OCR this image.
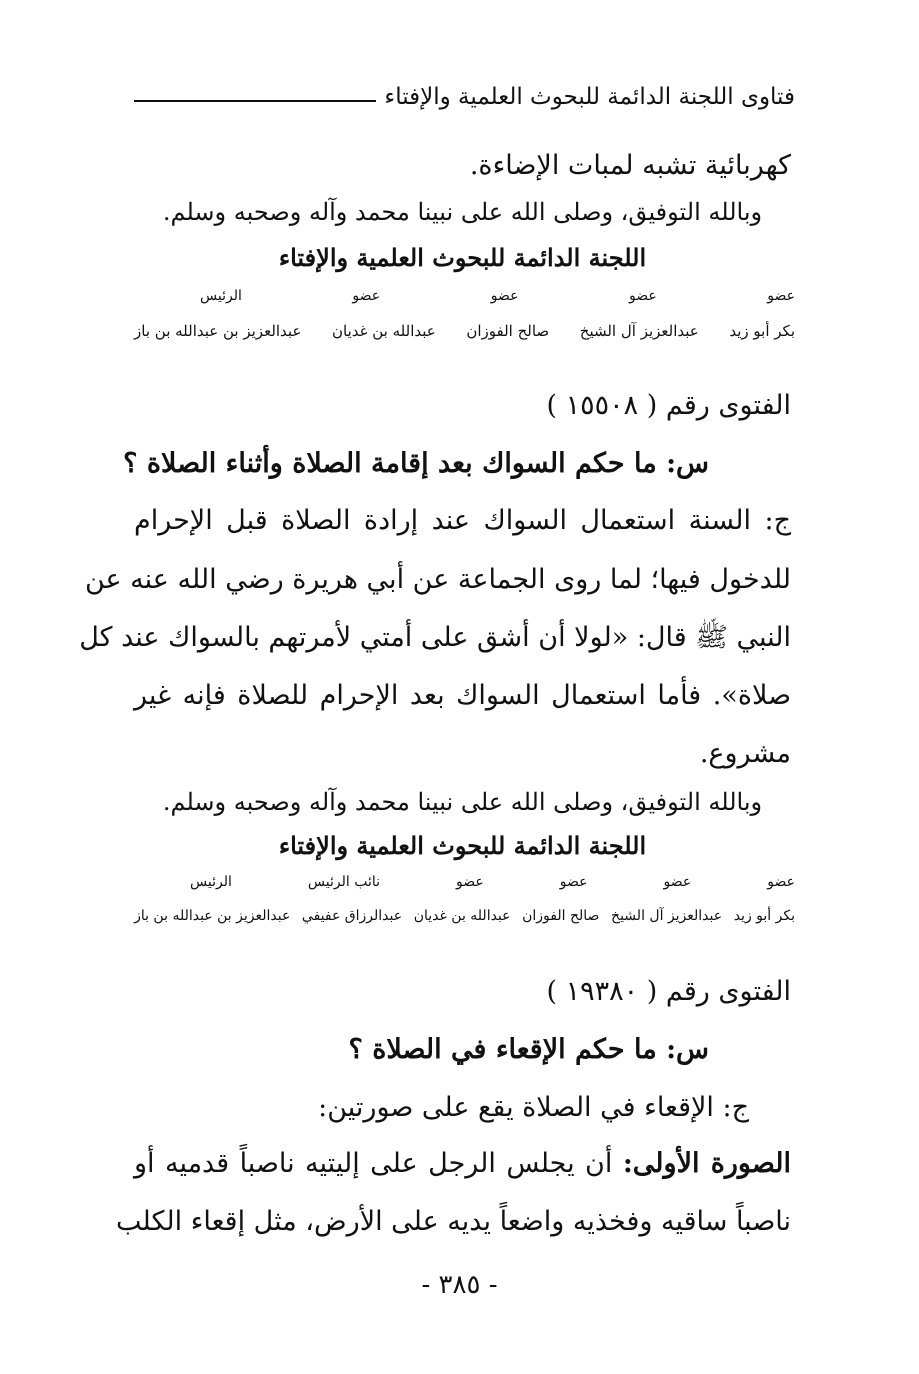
فتاوى اللجنة الدائمة للبحوث العلمية والإفتاء
كهربائية تشبه لمبات الإضاءة.
وبالله التوفيق، وصلى الله على نبينا محمد وآله وصحبه وسلم.
اللجنة الدائمة للبحوث العلمية والإفتاء
عضو
عضو
عضو
عضو
الرئيس
بكر أبو زيد
عبدالعزيز آل الشيخ
صالح الفوزان
عبدالله بن غديان
عبدالعزيز بن عبدالله بن باز
الفتوى رقم ( ١٥٥٠٨ )
س: ما حكم السواك بعد إقامة الصلاة وأثناء الصلاة ؟
ج: السنة استعمال السواك عند إرادة الصلاة قبل الإحرام
للدخول فيها؛ لما روى الجماعة عن أبي هريرة رضي الله عنه عن
النبي ﷺ قال: «لولا أن أشق على أمتي لأمرتهم بالسواك عند كل
صلاة». فأما استعمال السواك بعد الإحرام للصلاة فإنه غير
مشروع.
وبالله التوفيق، وصلى الله على نبينا محمد وآله وصحبه وسلم.
اللجنة الدائمة للبحوث العلمية والإفتاء
عضو
عضو
عضو
عضو
نائب الرئيس
الرئيس
بكر أبو زيد
عبدالعزيز آل الشيخ
صالح الفوزان
عبدالله بن غديان
عبدالرزاق عفيفي
عبدالعزيز بن عبدالله بن باز
الفتوى رقم ( ١٩٣٨٠ )
س: ما حكم الإقعاء في الصلاة ؟
ج: الإقعاء في الصلاة يقع على صورتين:
الصورة الأولى: أن يجلس الرجل على إليتيه ناصباً قدميه أو
ناصباً ساقيه وفخذيه واضعاً يديه على الأرض، مثل إقعاء الكلب
- ٣٨٥ -
